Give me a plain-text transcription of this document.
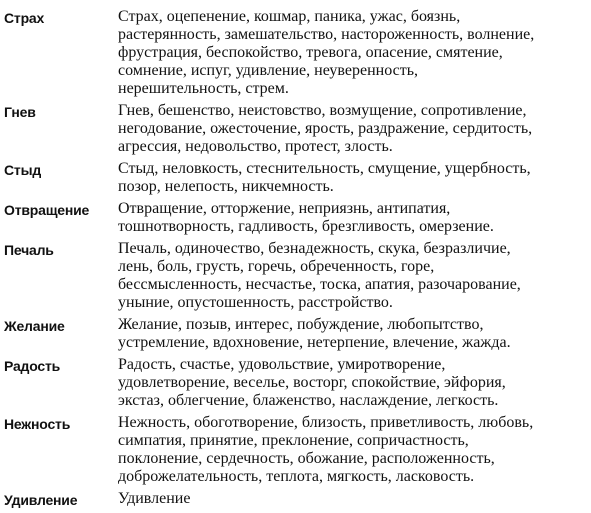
Страх	Страх, оцепенение, кошмар, паника, ужас, боязнь,
растерянность, замешательство, настороженность, волнение,
фрустрация, беспокойство, тревога, опасение, смятение,
сомнение, испуг, удивление, неуверенность,
нерешительность, стрем.
Гнев	Гнев, бешенство, неистовство, возмущение, сопротивление,
негодование, ожесточение, ярость, раздражение, сердитость,
агрессия, недовольство, протест, злость.
Стыд	Стыд, неловкость, стеснительность, смущение, ущербность,
позор, нелепость, никчемность.
Отвращение	Отвращение, отторжение, неприязнь, антипатия,
тошнотворность, гадливость, брезгливость, омерзение.
Печаль	Печаль, одиночество, безнадежность, скука, безразличие,
лень, боль, грусть, горечь, обреченность, горе,
бессмысленность, несчастье, тоска, апатия, разочарование,
уныние, опустошенность, расстройство.
Желание	Желание, позыв, интерес, побуждение, любопытство,
устремление, вдохновение, нетерпение, влечение, жажда.
Радость	Радость, счастье, удовольствие, умиротворение,
удовлетворение, веселье, восторг, спокойствие, эйфория,
экстаз, облегчение, блаженство, наслаждение, легкость.
Нежность	Нежность, обоготворение, близость, приветливость, любовь,
симпатия, принятие, преклонение, сопричастность,
поклонение, сердечность, обожание, расположенность,
доброжелательность, теплота, мягкость, ласковость.
Удивление	Удивление
